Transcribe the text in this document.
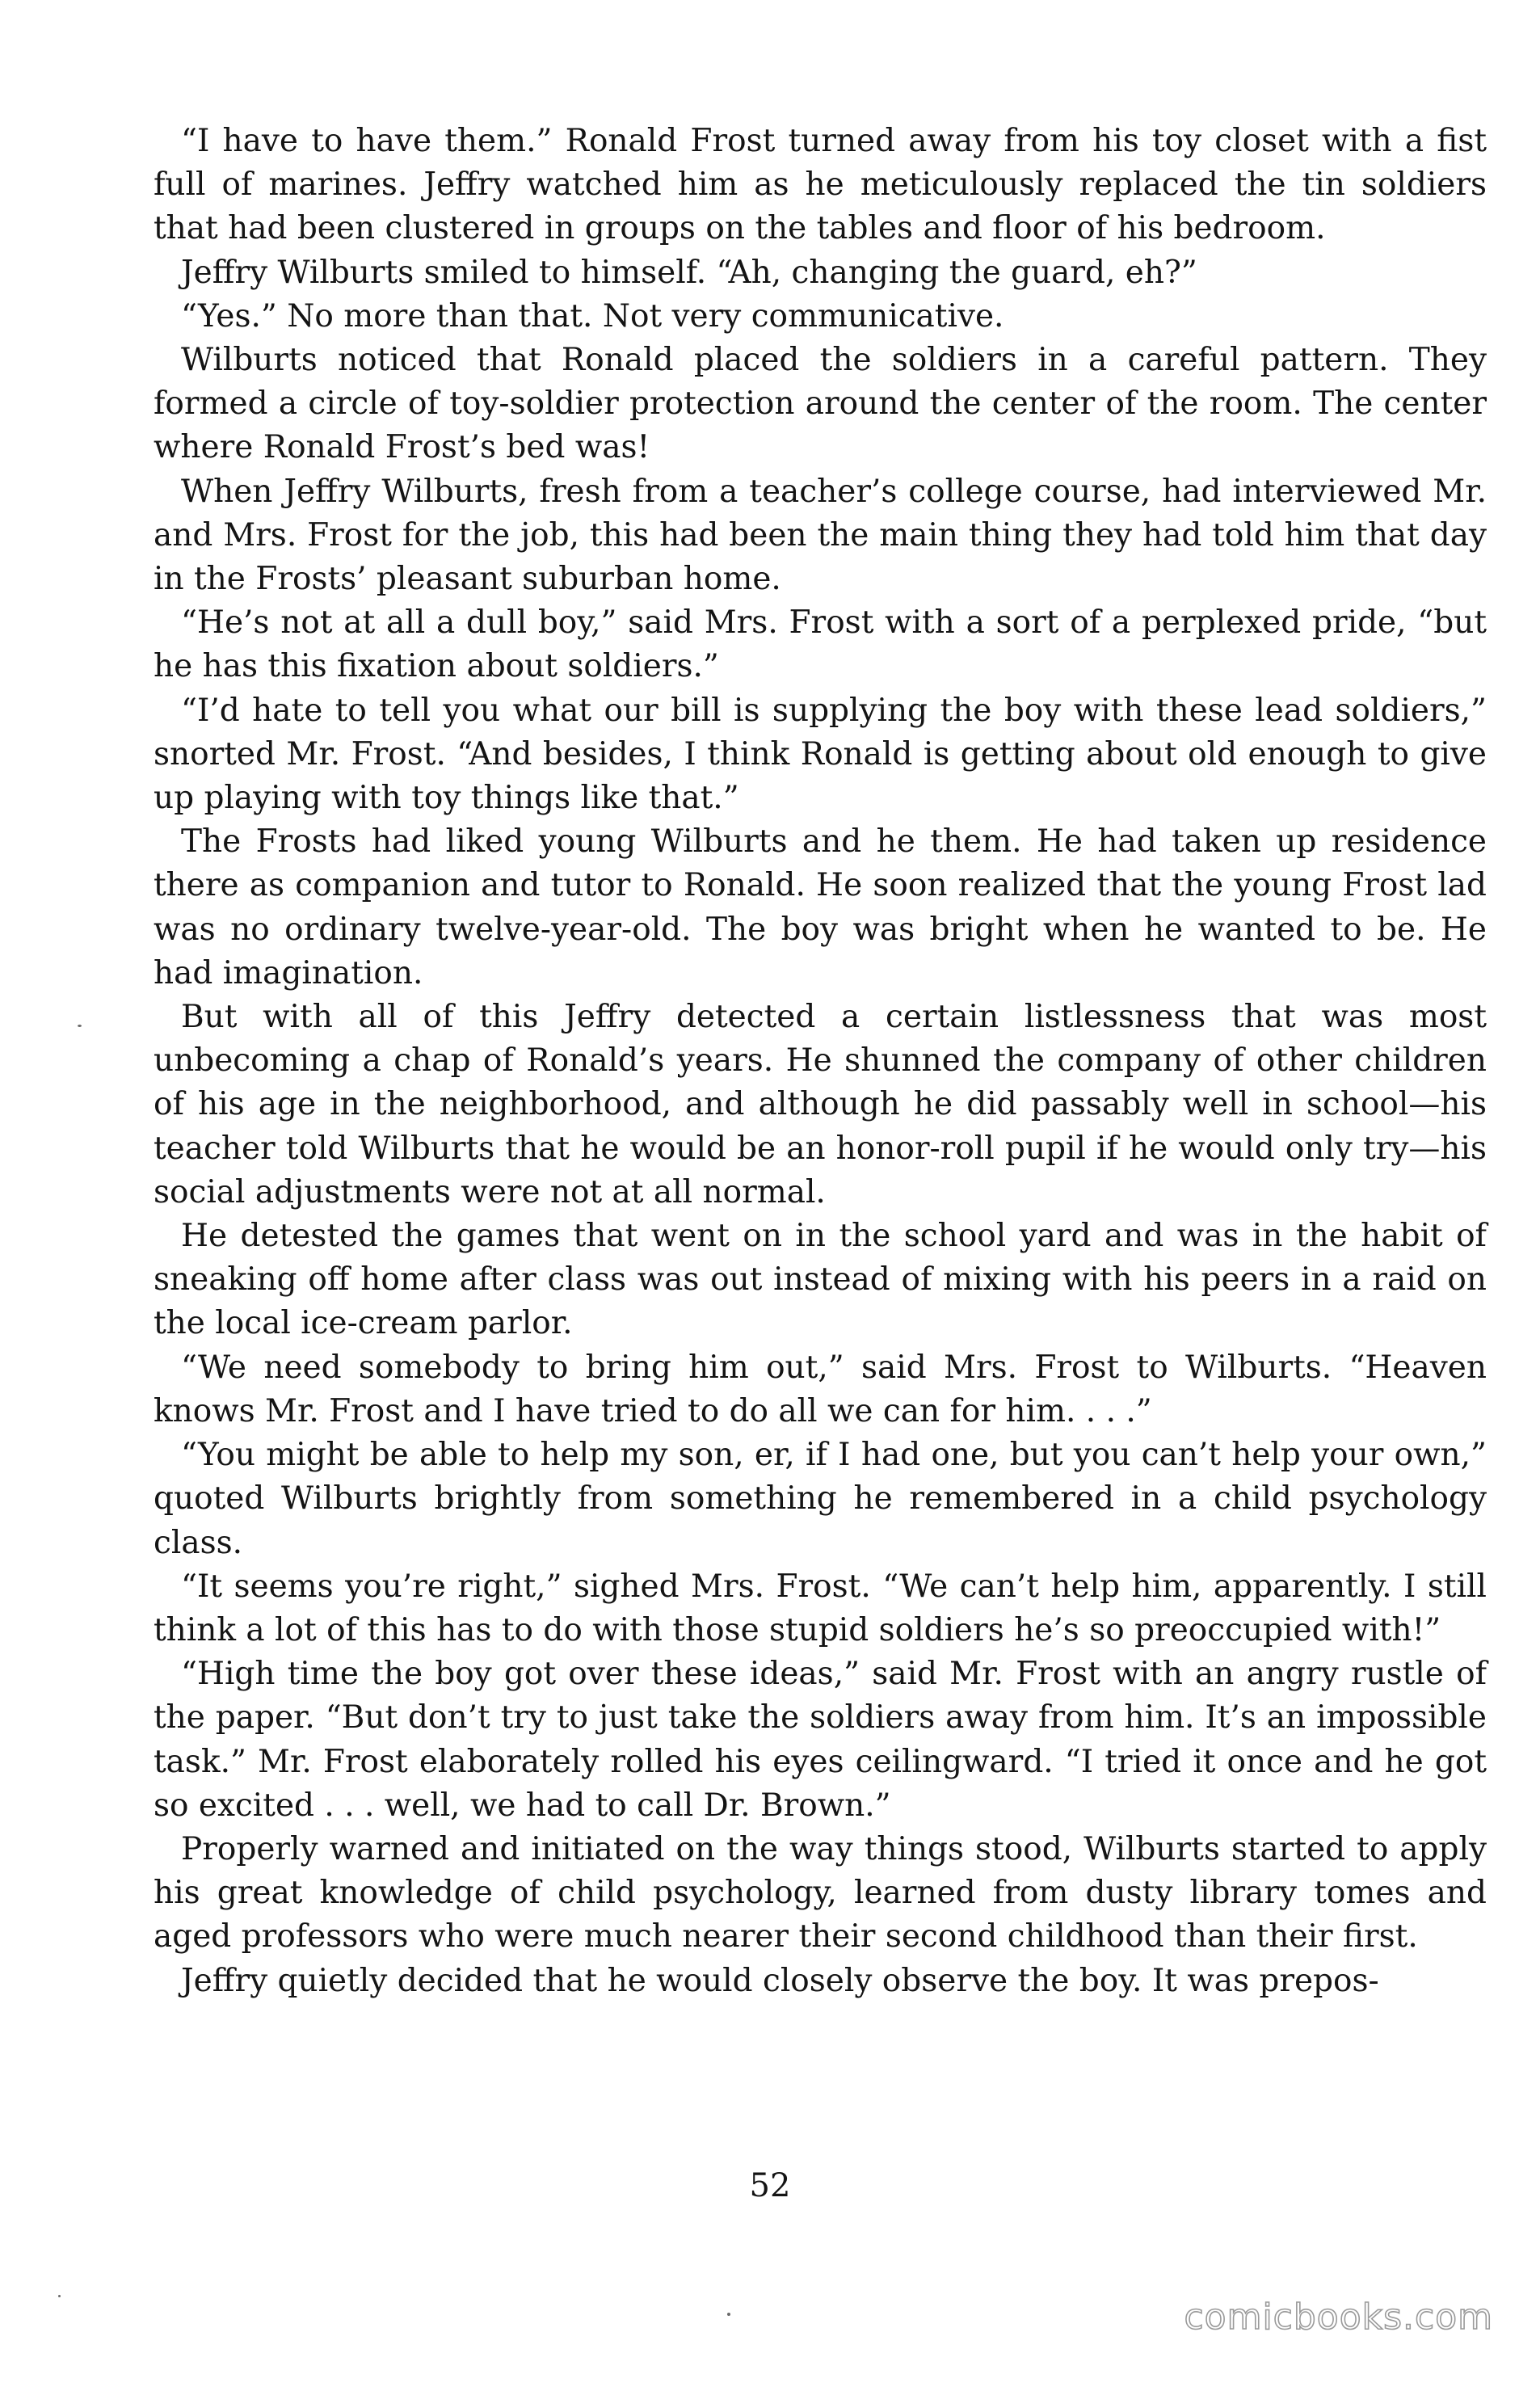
“I have to have them.” Ronald Frost turned away from his toy closet with a fist full of marines. Jeffry watched him as he meticulously replaced the tin soldiers that had been clustered in groups on the tables and floor of his bedroom.

Jeffry Wilburts smiled to himself. “Ah, changing the guard, eh?”

“Yes.” No more than that. Not very communicative.

Wilburts noticed that Ronald placed the soldiers in a careful pattern. They formed a circle of toy-soldier protection around the center of the room. The center where Ronald Frost’s bed was!

When Jeffry Wilburts, fresh from a teacher’s college course, had interviewed Mr. and Mrs. Frost for the job, this had been the main thing they had told him that day in the Frosts’ pleasant suburban home.

“He’s not at all a dull boy,” said Mrs. Frost with a sort of a perplexed pride, “but he has this fixation about soldiers.”

“I’d hate to tell you what our bill is supplying the boy with these lead soldiers,” snorted Mr. Frost. “And besides, I think Ronald is getting about old enough to give up playing with toy things like that.”

The Frosts had liked young Wilburts and he them. He had taken up residence there as companion and tutor to Ronald. He soon realized that the young Frost lad was no ordinary twelve-year-old. The boy was bright when he wanted to be. He had imagination.

But with all of this Jeffry detected a certain listlessness that was most unbecoming a chap of Ronald’s years. He shunned the company of other children of his age in the neighborhood, and although he did passably well in school—his teacher told Wilburts that he would be an honor-roll pupil if he would only try—his social adjustments were not at all normal.

He detested the games that went on in the school yard and was in the habit of sneaking off home after class was out instead of mixing with his peers in a raid on the local ice-cream parlor.

“We need somebody to bring him out,” said Mrs. Frost to Wilburts. “Heaven knows Mr. Frost and I have tried to do all we can for him. . . .”

“You might be able to help my son, er, if I had one, but you can’t help your own,” quoted Wilburts brightly from something he remembered in a child psychology class.

“It seems you’re right,” sighed Mrs. Frost. “We can’t help him, apparently. I still think a lot of this has to do with those stupid soldiers he’s so preoccupied with!”

“High time the boy got over these ideas,” said Mr. Frost with an angry rustle of the paper. “But don’t try to just take the soldiers away from him. It’s an impossible task.” Mr. Frost elaborately rolled his eyes ceilingward. “I tried it once and he got so excited . . . well, we had to call Dr. Brown.”

Properly warned and initiated on the way things stood, Wilburts started to apply his great knowledge of child psychology, learned from dusty library tomes and aged professors who were much nearer their second childhood than their first.

Jeffry quietly decided that he would closely observe the boy. It was prepos-

52
comicbooks.com
